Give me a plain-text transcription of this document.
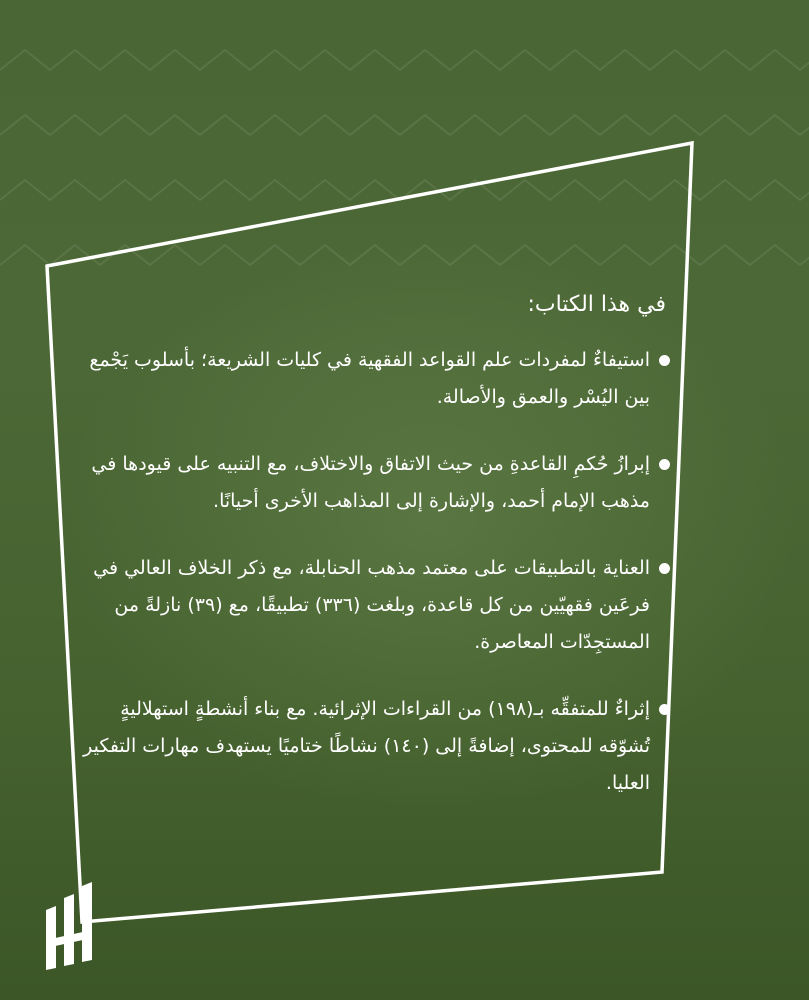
في هذا الكتاب:
استيفاءٌ لمفردات علم القواعد الفقهية في كليات الشريعة؛ بأسلوب يَجْمع بين اليُسْر والعمق والأصالة.
إبرازُ حُكمِ القاعدةِ من حيث الاتفاق والاختلاف، مع التنبيه على قيودها في مذهب الإمام أحمد، والإشارة إلى المذاهب الأخرى أحيانًا.
العناية بالتطبيقات على معتمد مذهب الحنابلة، مع ذكر الخلاف العالي في فرعَين فقهيّين من كل قاعدة، وبلغت (٣٣٦) تطبيقًا، مع (٣٩) نازلةً من المستجِدّات المعاصرة.
إثراءٌ للمتفقِّه بـ(١٩٨) من القراءات الإثرائية. مع بناء أنشطةٍ استهلاليةٍ تُشوّقه للمحتوى، إضافةً إلى (١٤٠) نشاطًا ختاميًا يستهدف مهارات التفكير العليا.
